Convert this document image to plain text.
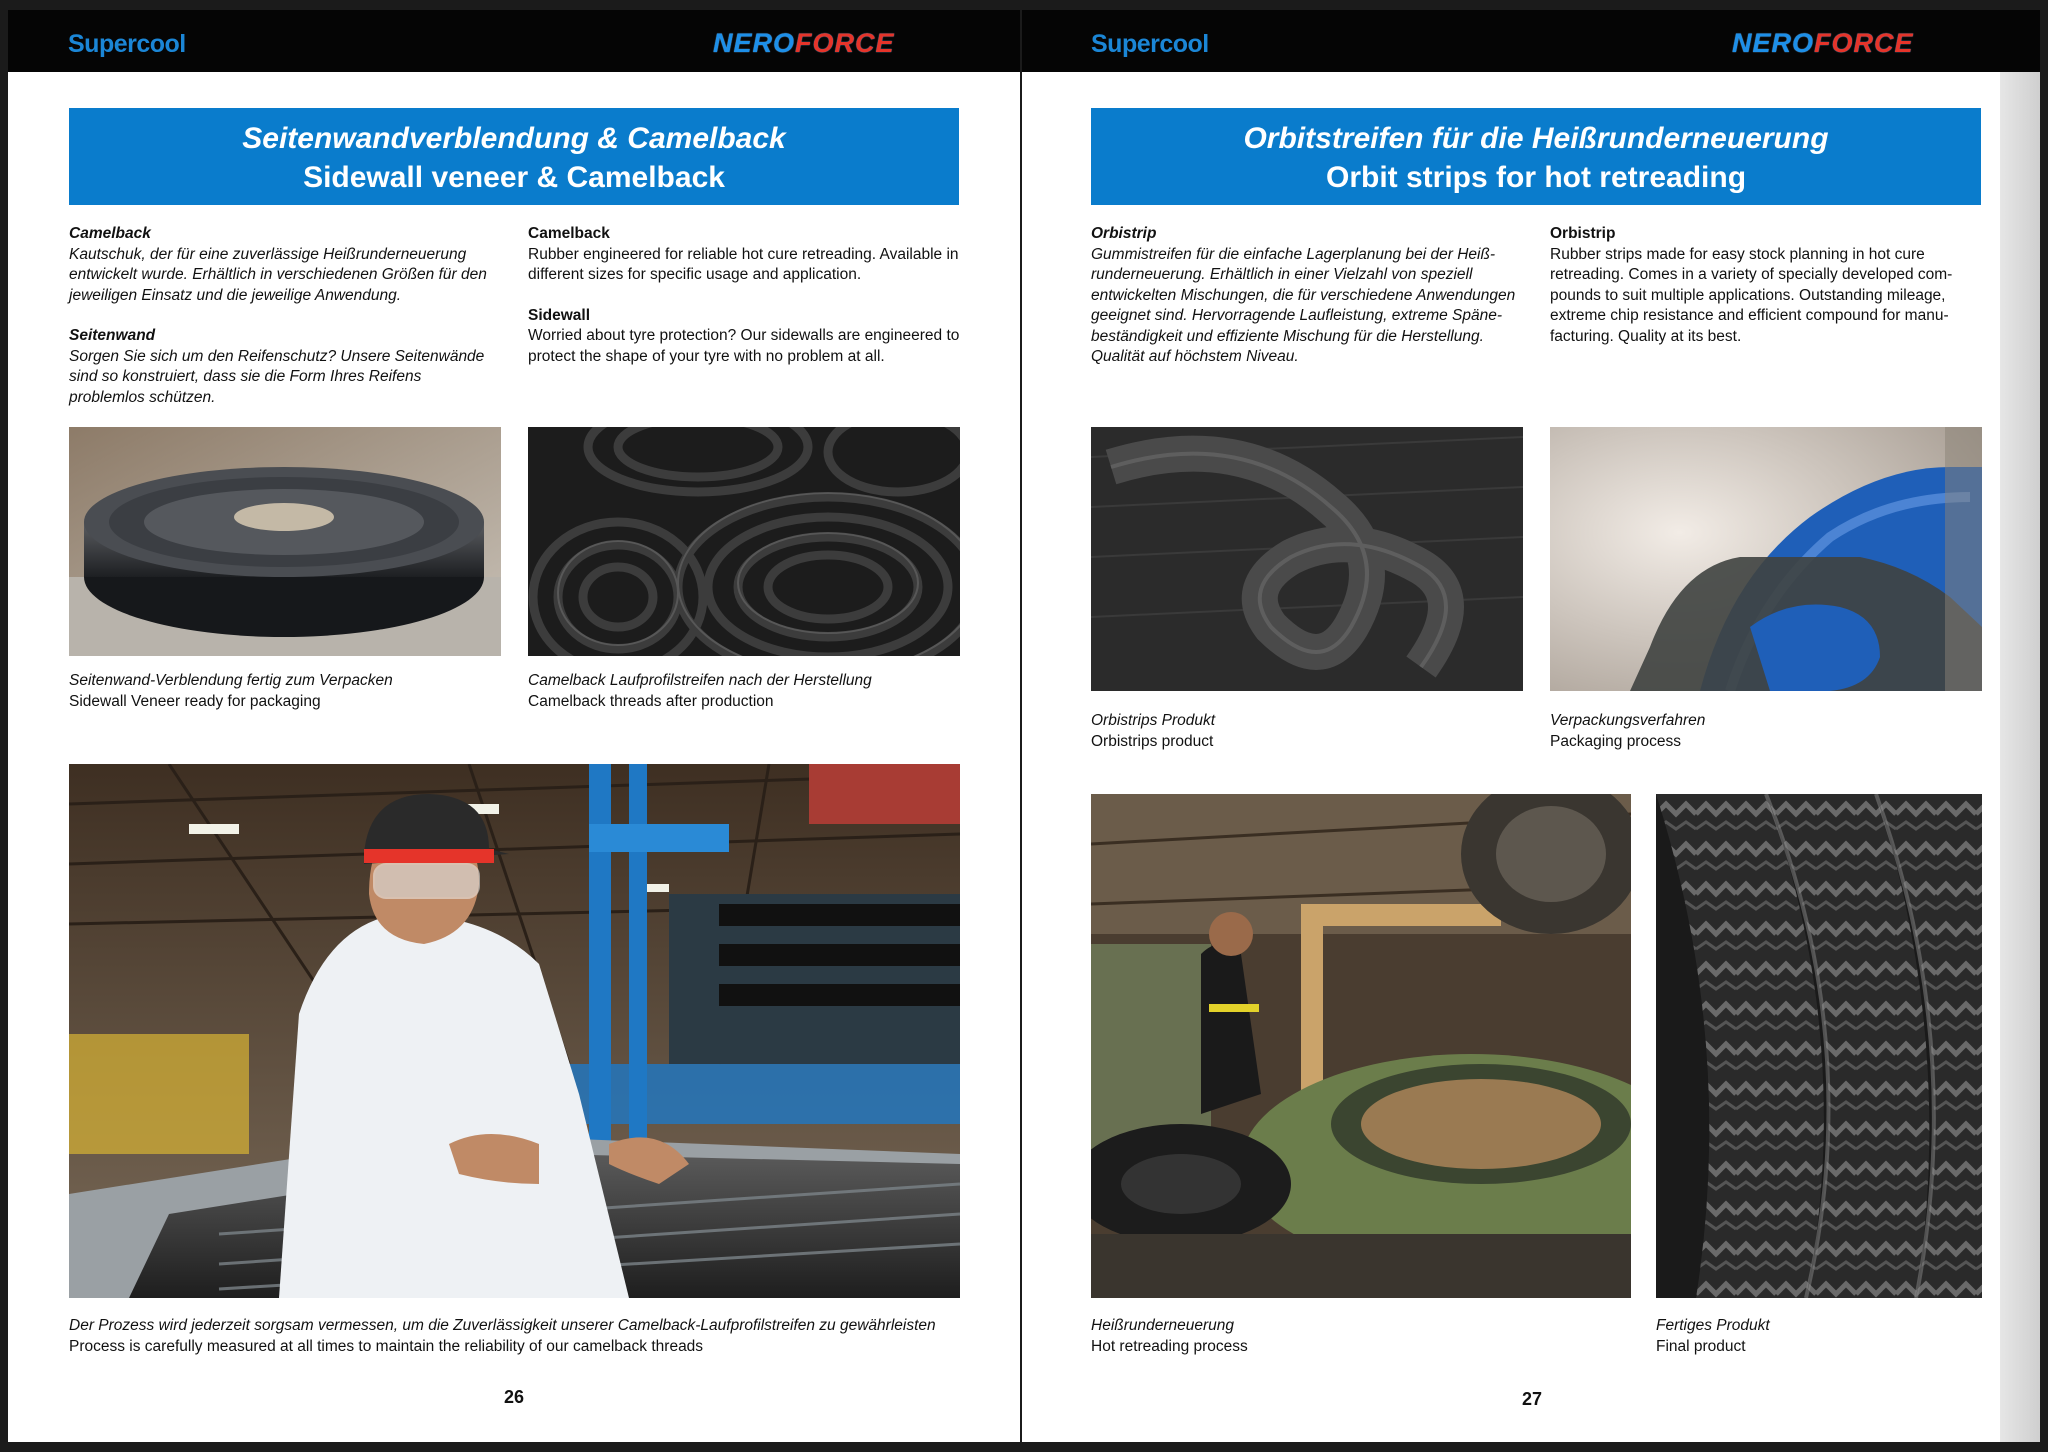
Supercool	NEROFORCE
Seitenwandverblendung & Camelback
Sidewall veneer & Camelback
Camelback
Kautschuk, der für eine zuverlässige Heißrunderneuerung entwickelt wurde. Erhältlich in verschiedenen Größen für den jeweiligen Einsatz und die jeweilige Anwendung.
Seitenwand
Sorgen Sie sich um den Reifenschutz? Unsere Seitenwände sind so konstruiert, dass sie die Form Ihres Reifens problemlos schützen.
Camelback
Rubber engineered for reliable hot cure retreading. Available in different sizes for specific usage and application.
Sidewall
Worried about tyre protection? Our sidewalls are engineered to protect the shape of your tyre with no problem at all.
Seitenwand-Verblendung fertig zum Verpacken
Sidewall Veneer ready for packaging
Camelback Laufprofilstreifen nach der Herstellung
Camelback threads after production
Der Prozess wird jederzeit sorgsam vermessen, um die Zuverlässigkeit unserer Camelback-Laufprofilstreifen zu gewährleisten
Process is carefully measured at all times to maintain the reliability of our camelback threads
26
Supercool	NEROFORCE
Orbitstreifen für die Heißrunderneuerung
Orbit strips for hot retreading
Orbistrip
Gummistreifen für die einfache Lagerplanung bei der Heiß-runderneuerung. Erhältlich in einer Vielzahl von speziell entwickelten Mischungen, die für verschiedene Anwendungen geeignet sind. Hervorragende Laufleistung, extreme Späne-beständigkeit und effiziente Mischung für die Herstellung. Qualität auf höchstem Niveau.
Orbistrip
Rubber strips made for easy stock planning in hot cure retreading. Comes in a variety of specially developed com-pounds to suit multiple applications. Outstanding mileage, extreme chip resistance and efficient compound for manu-facturing. Quality at its best.
Orbistrips Produkt
Orbistrips product
Verpackungsverfahren
Packaging process
Heißrunderneuerung
Hot retreading process
Fertiges Produkt
Final product
27
